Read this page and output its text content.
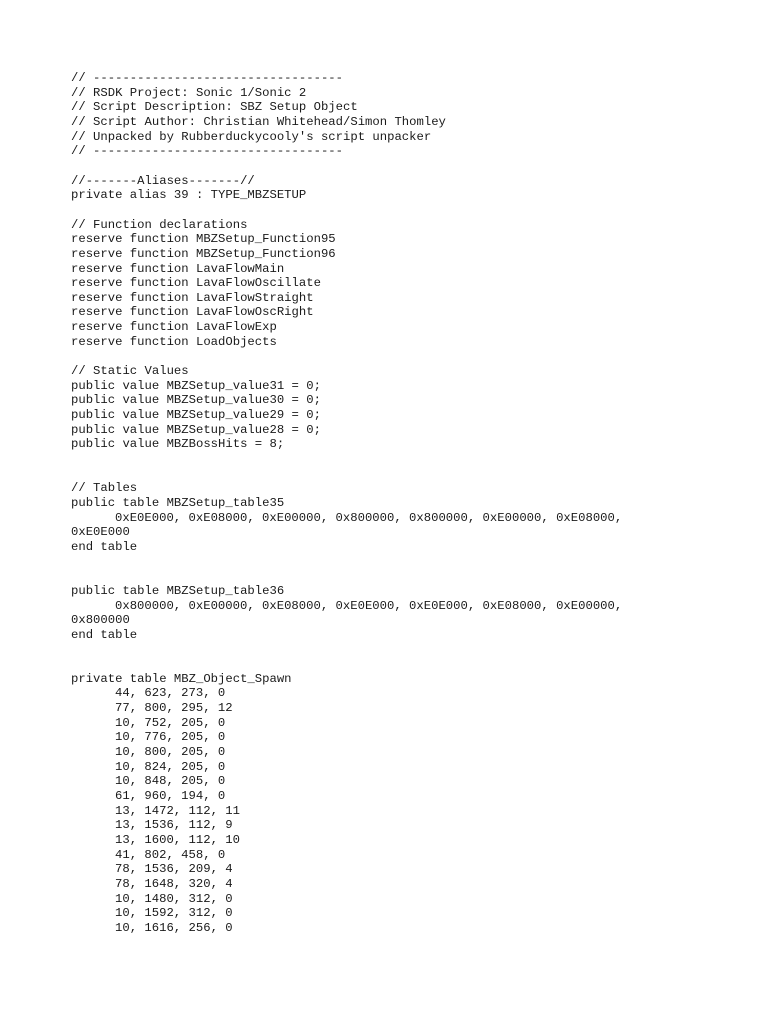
// ----------------------------------
// RSDK Project: Sonic 1/Sonic 2
// Script Description: SBZ Setup Object
// Script Author: Christian Whitehead/Simon Thomley
// Unpacked by Rubberduckycooly's script unpacker
// ----------------------------------
//-------Aliases-------//
private alias 39 : TYPE_MBZSETUP
// Function declarations
reserve function MBZSetup_Function95
reserve function MBZSetup_Function96
reserve function LavaFlowMain
reserve function LavaFlowOscillate
reserve function LavaFlowStraight
reserve function LavaFlowOscRight
reserve function LavaFlowExp
reserve function LoadObjects
// Static Values
public value MBZSetup_value31 = 0;
public value MBZSetup_value30 = 0;
public value MBZSetup_value29 = 0;
public value MBZSetup_value28 = 0;
public value MBZBossHits = 8;
// Tables
public table MBZSetup_table35
0xE0E000, 0xE08000, 0xE00000, 0x800000, 0x800000, 0xE00000, 0xE08000,
0xE0E000
end table
public table MBZSetup_table36
0x800000, 0xE00000, 0xE08000, 0xE0E000, 0xE0E000, 0xE08000, 0xE00000,
0x800000
end table
private table MBZ_Object_Spawn
44, 623, 273, 0
77, 800, 295, 12
10, 752, 205, 0
10, 776, 205, 0
10, 800, 205, 0
10, 824, 205, 0
10, 848, 205, 0
61, 960, 194, 0
13, 1472, 112, 11
13, 1536, 112, 9
13, 1600, 112, 10
41, 802, 458, 0
78, 1536, 209, 4
78, 1648, 320, 4
10, 1480, 312, 0
10, 1592, 312, 0
10, 1616, 256, 0
